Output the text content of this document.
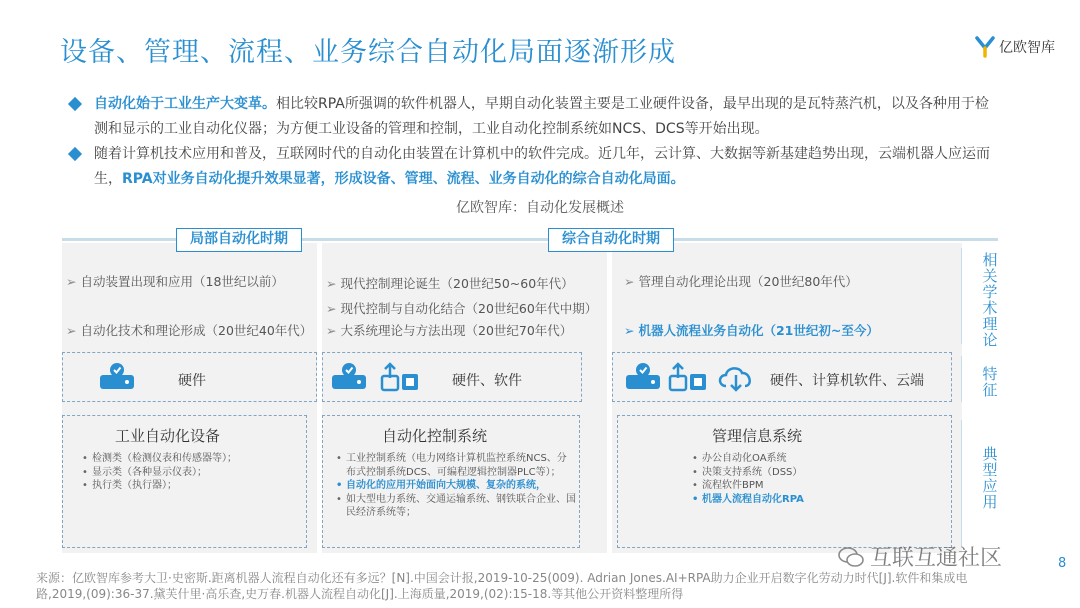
设备、管理、流程、业务综合自动化局面逐渐形成	亿欧智库
自动化始于工业生产大变革。相比较RPA所强调的软件机器人，早期自动化装置主要是工业硬件设备，最早出现的是瓦特蒸汽机，以及各种用于检测和显示的工业自动化仪器；为方便工业设备的管理和控制，工业自动化控制系统如NCS、DCS等开始出现。
随着计算机技术应用和普及，互联网时代的自动化由装置在计算机中的软件完成。近几年，云计算、大数据等新基建趋势出现，云端机器人应运而生，RPA对业务自动化提升效果显著，形成设备、管理、流程、业务自动化的综合自动化局面。
亿欧智库：自动化发展概述
局部自动化时期	综合自动化时期
➢ 自动装置出现和应用（18世纪以前）
➢ 自动化技术和理论形成（20世纪40年代）
➢ 现代控制理论诞生（20世纪50~60年代）
➢ 现代控制与自动化结合（20世纪60年代中期）
➢ 大系统理论与方法出现（20世纪70年代）
➢ 管理自动化理论出现（20世纪80年代）
➢ 机器人流程业务自动化（21世纪初~至今）
硬件	硬件、软件	硬件、计算机软件、云端
工业自动化设备
• 检测类（检测仪表和传感器等）；
• 显示类（各种显示仪表）；
• 执行类（执行器）；
自动化控制系统
• 工业控制系统（电力网络计算机监控系统NCS、分布式控制系统DCS、可编程逻辑控制器PLC等）；
• 自动化的应用开始面向大规模、复杂的系统，
• 如大型电力系统、交通运输系统、钢铁联合企业、国民经济系统等；
管理信息系统
• 办公自动化OA系统
• 决策支持系统（DSS）
• 流程软件BPM
• 机器人流程自动化RPA
相关学术理论
特征
典型应用
互联互通社区
来源：亿欧智库参考大卫·史密斯.距离机器人流程自动化还有多远？[N].中国会计报,2019-10-25(009). Adrian Jones.AI+RPA助力企业开启数字化劳动力时代[J].软件和集成电路,2019,(09):36-37.黛芙什里·高乐查,史万春.机器人流程自动化[J].上海质量,2019,(02):15-18.等其他公开资料整理所得
8
